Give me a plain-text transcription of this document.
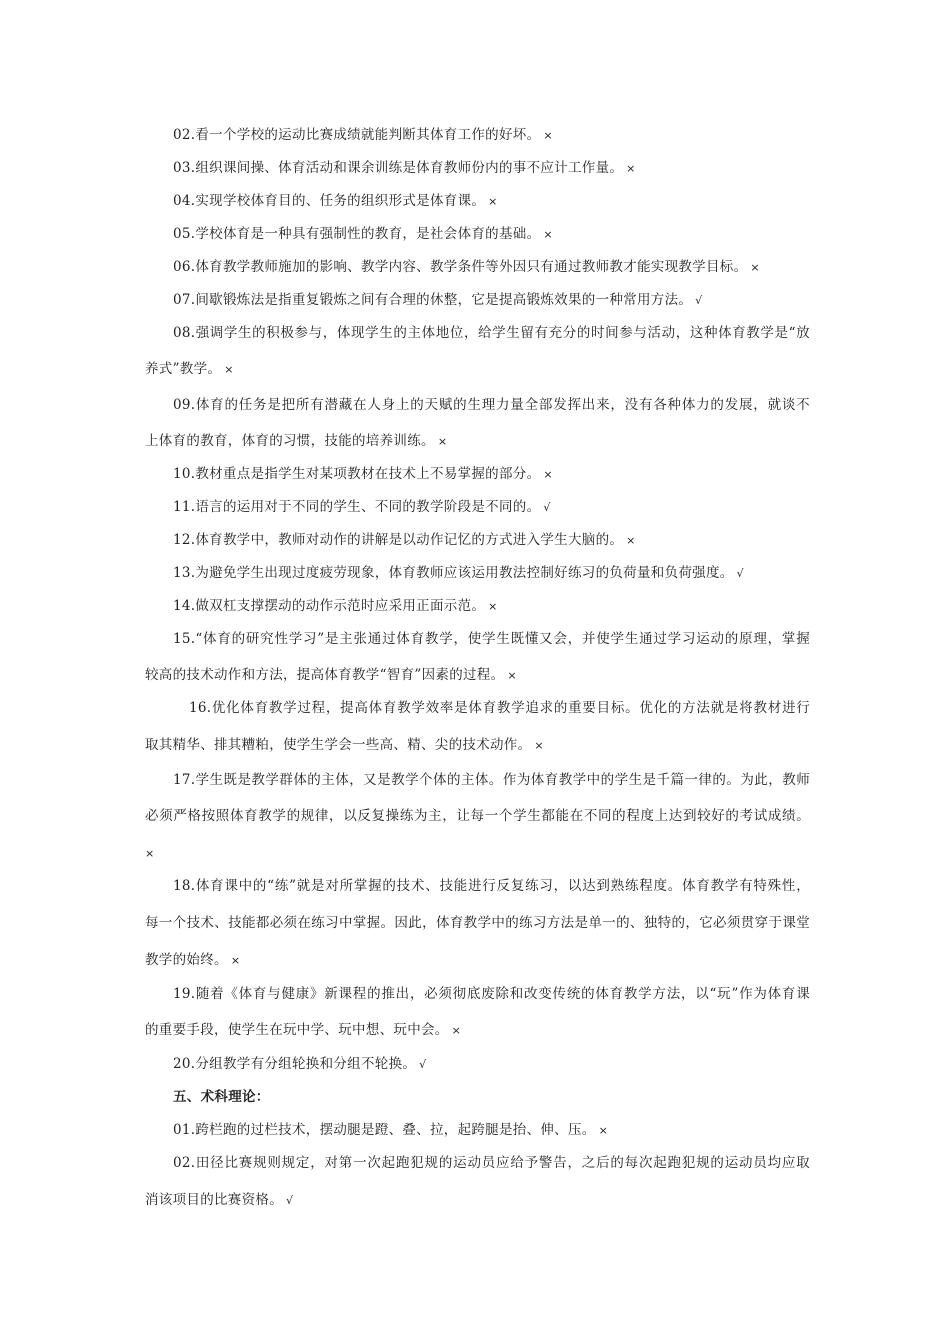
02.看一个学校的运动比赛成绩就能判断其体育工作的好坏。 ×
03.组织课间操、体育活动和课余训练是体育教师份内的事不应计工作量。 ×
04.实现学校体育目的、任务的组织形式是体育课。 ×
05.学校体育是一种具有强制性的教育，是社会体育的基础。 ×
06.体育教学教师施加的影响、教学内容、教学条件等外因只有通过教师教才能实现教学目标。 ×
07.间歇锻炼法是指重复锻炼之间有合理的休整，它是提高锻炼效果的一种常用方法。 √
08.强调学生的积极参与，体现学生的主体地位，给学生留有充分的时间参与活动，这种体育教学是“放
养式”教学。 ×
09.体育的任务是把所有潜藏在人身上的天赋的生理力量全部发挥出来，没有各种体力的发展，就谈不
上体育的教育，体育的习惯，技能的培养训练。 ×
10.教材重点是指学生对某项教材在技术上不易掌握的部分。 ×
11.语言的运用对于不同的学生、不同的教学阶段是不同的。 √
12.体育教学中，教师对动作的讲解是以动作记忆的方式进入学生大脑的。 ×
13.为避免学生出现过度疲劳现象，体育教师应该运用教法控制好练习的负荷量和负荷强度。 √
14.做双杠支撑摆动的动作示范时应采用正面示范。 ×
15.“体育的研究性学习”是主张通过体育教学，使学生既懂又会，并使学生通过学习运动的原理，掌握
较高的技术动作和方法，提高体育教学“智育”因素的过程。 ×
16.优化体育教学过程，提高体育教学效率是体育教学追求的重要目标。优化的方法就是将教材进行
取其精华、排其糟粕，使学生学会一些高、精、尖的技术动作。 ×
17.学生既是教学群体的主体，又是教学个体的主体。作为体育教学中的学生是千篇一律的。为此，教师
必须严格按照体育教学的规律，以反复操练为主，让每一个学生都能在不同的程度上达到较好的考试成绩。
×
18.体育课中的“练”就是对所掌握的技术、技能进行反复练习，以达到熟练程度。体育教学有特殊性，
每一个技术、技能都必须在练习中掌握。因此，体育教学中的练习方法是单一的、独特的，它必须贯穿于课堂
教学的始终。 ×
19.随着《体育与健康》新课程的推出，必须彻底废除和改变传统的体育教学方法，以“玩”作为体育课
的重要手段，使学生在玩中学、玩中想、玩中会。 ×
20.分组教学有分组轮换和分组不轮换。 √
五、术科理论：
01.跨栏跑的过栏技术，摆动腿是蹬、叠、拉，起跨腿是抬、伸、压。 ×
02.田径比赛规则规定，对第一次起跑犯规的运动员应给予警告，之后的每次起跑犯规的运动员均应取
消该项目的比赛资格。 √
